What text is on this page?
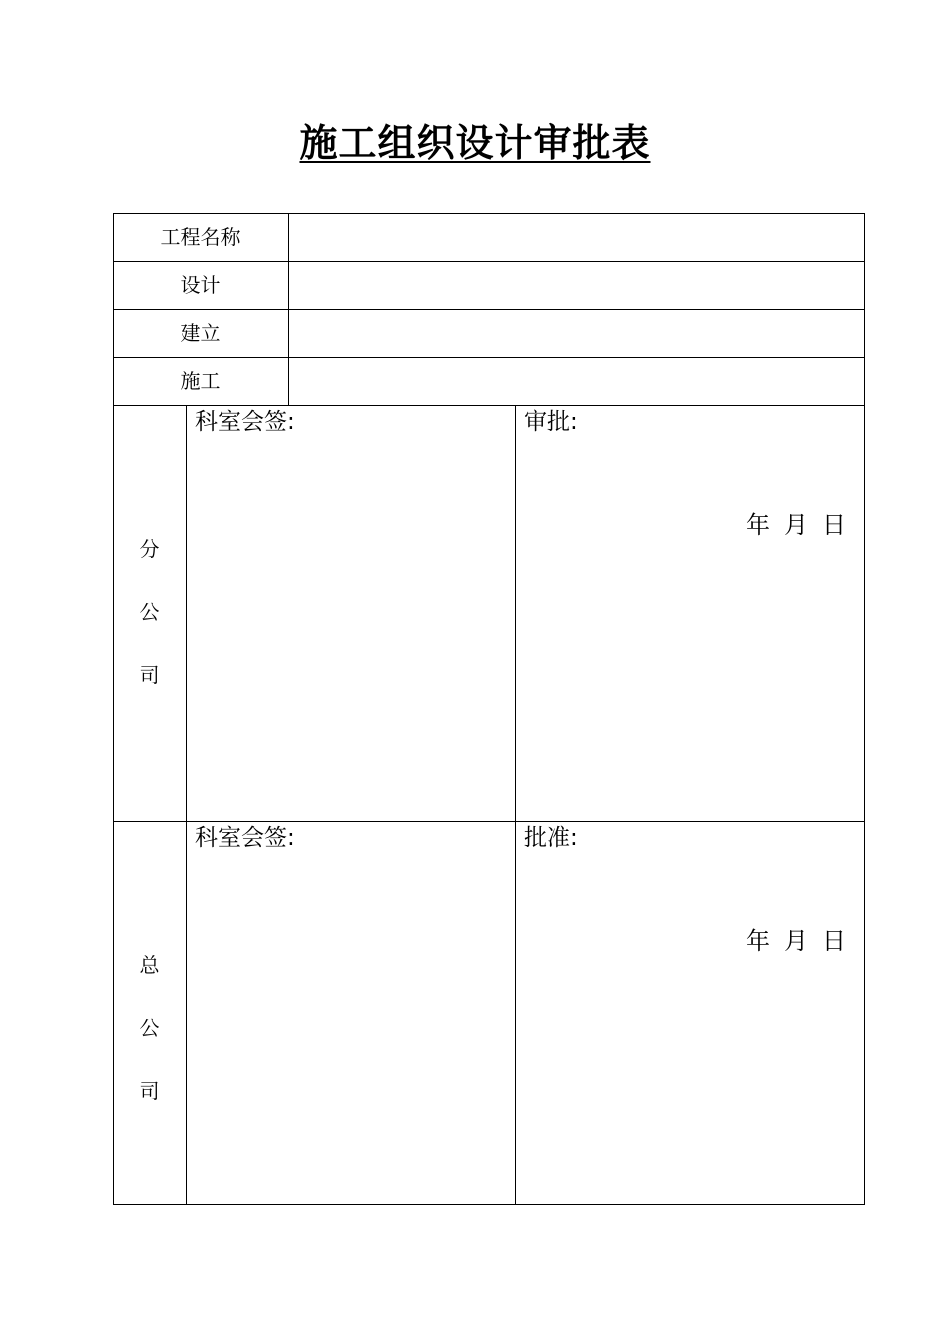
施工组织设计审批表
工程名称
设计
建立
施工
分
公
司
科室会签:	审批:
年 月 日
总
公
司
科室会签:	批准:
年 月 日
